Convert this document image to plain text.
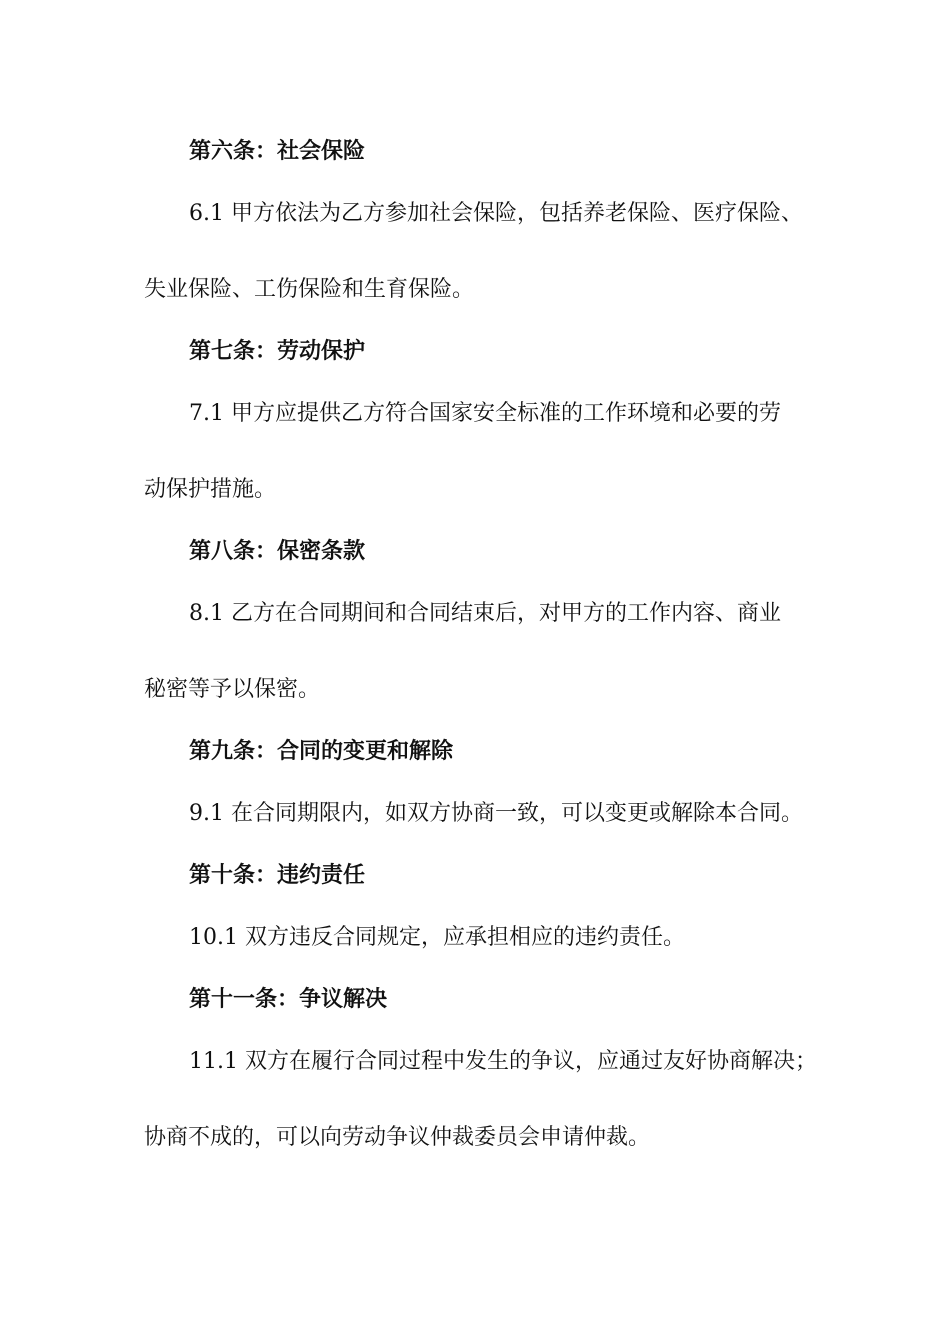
第六条：社会保险
6.1 甲方依法为乙方参加社会保险，包括养老保险、医疗保险、
失业保险、工伤保险和生育保险。
第七条：劳动保护
7.1 甲方应提供乙方符合国家安全标准的工作环境和必要的劳
动保护措施。
第八条：保密条款
8.1 乙方在合同期间和合同结束后，对甲方的工作内容、商业
秘密等予以保密。
第九条：合同的变更和解除
9.1 在合同期限内，如双方协商一致，可以变更或解除本合同。
第十条：违约责任
10.1 双方违反合同规定，应承担相应的违约责任。
第十一条：争议解决
11.1 双方在履行合同过程中发生的争议，应通过友好协商解决；
协商不成的，可以向劳动争议仲裁委员会申请仲裁。
